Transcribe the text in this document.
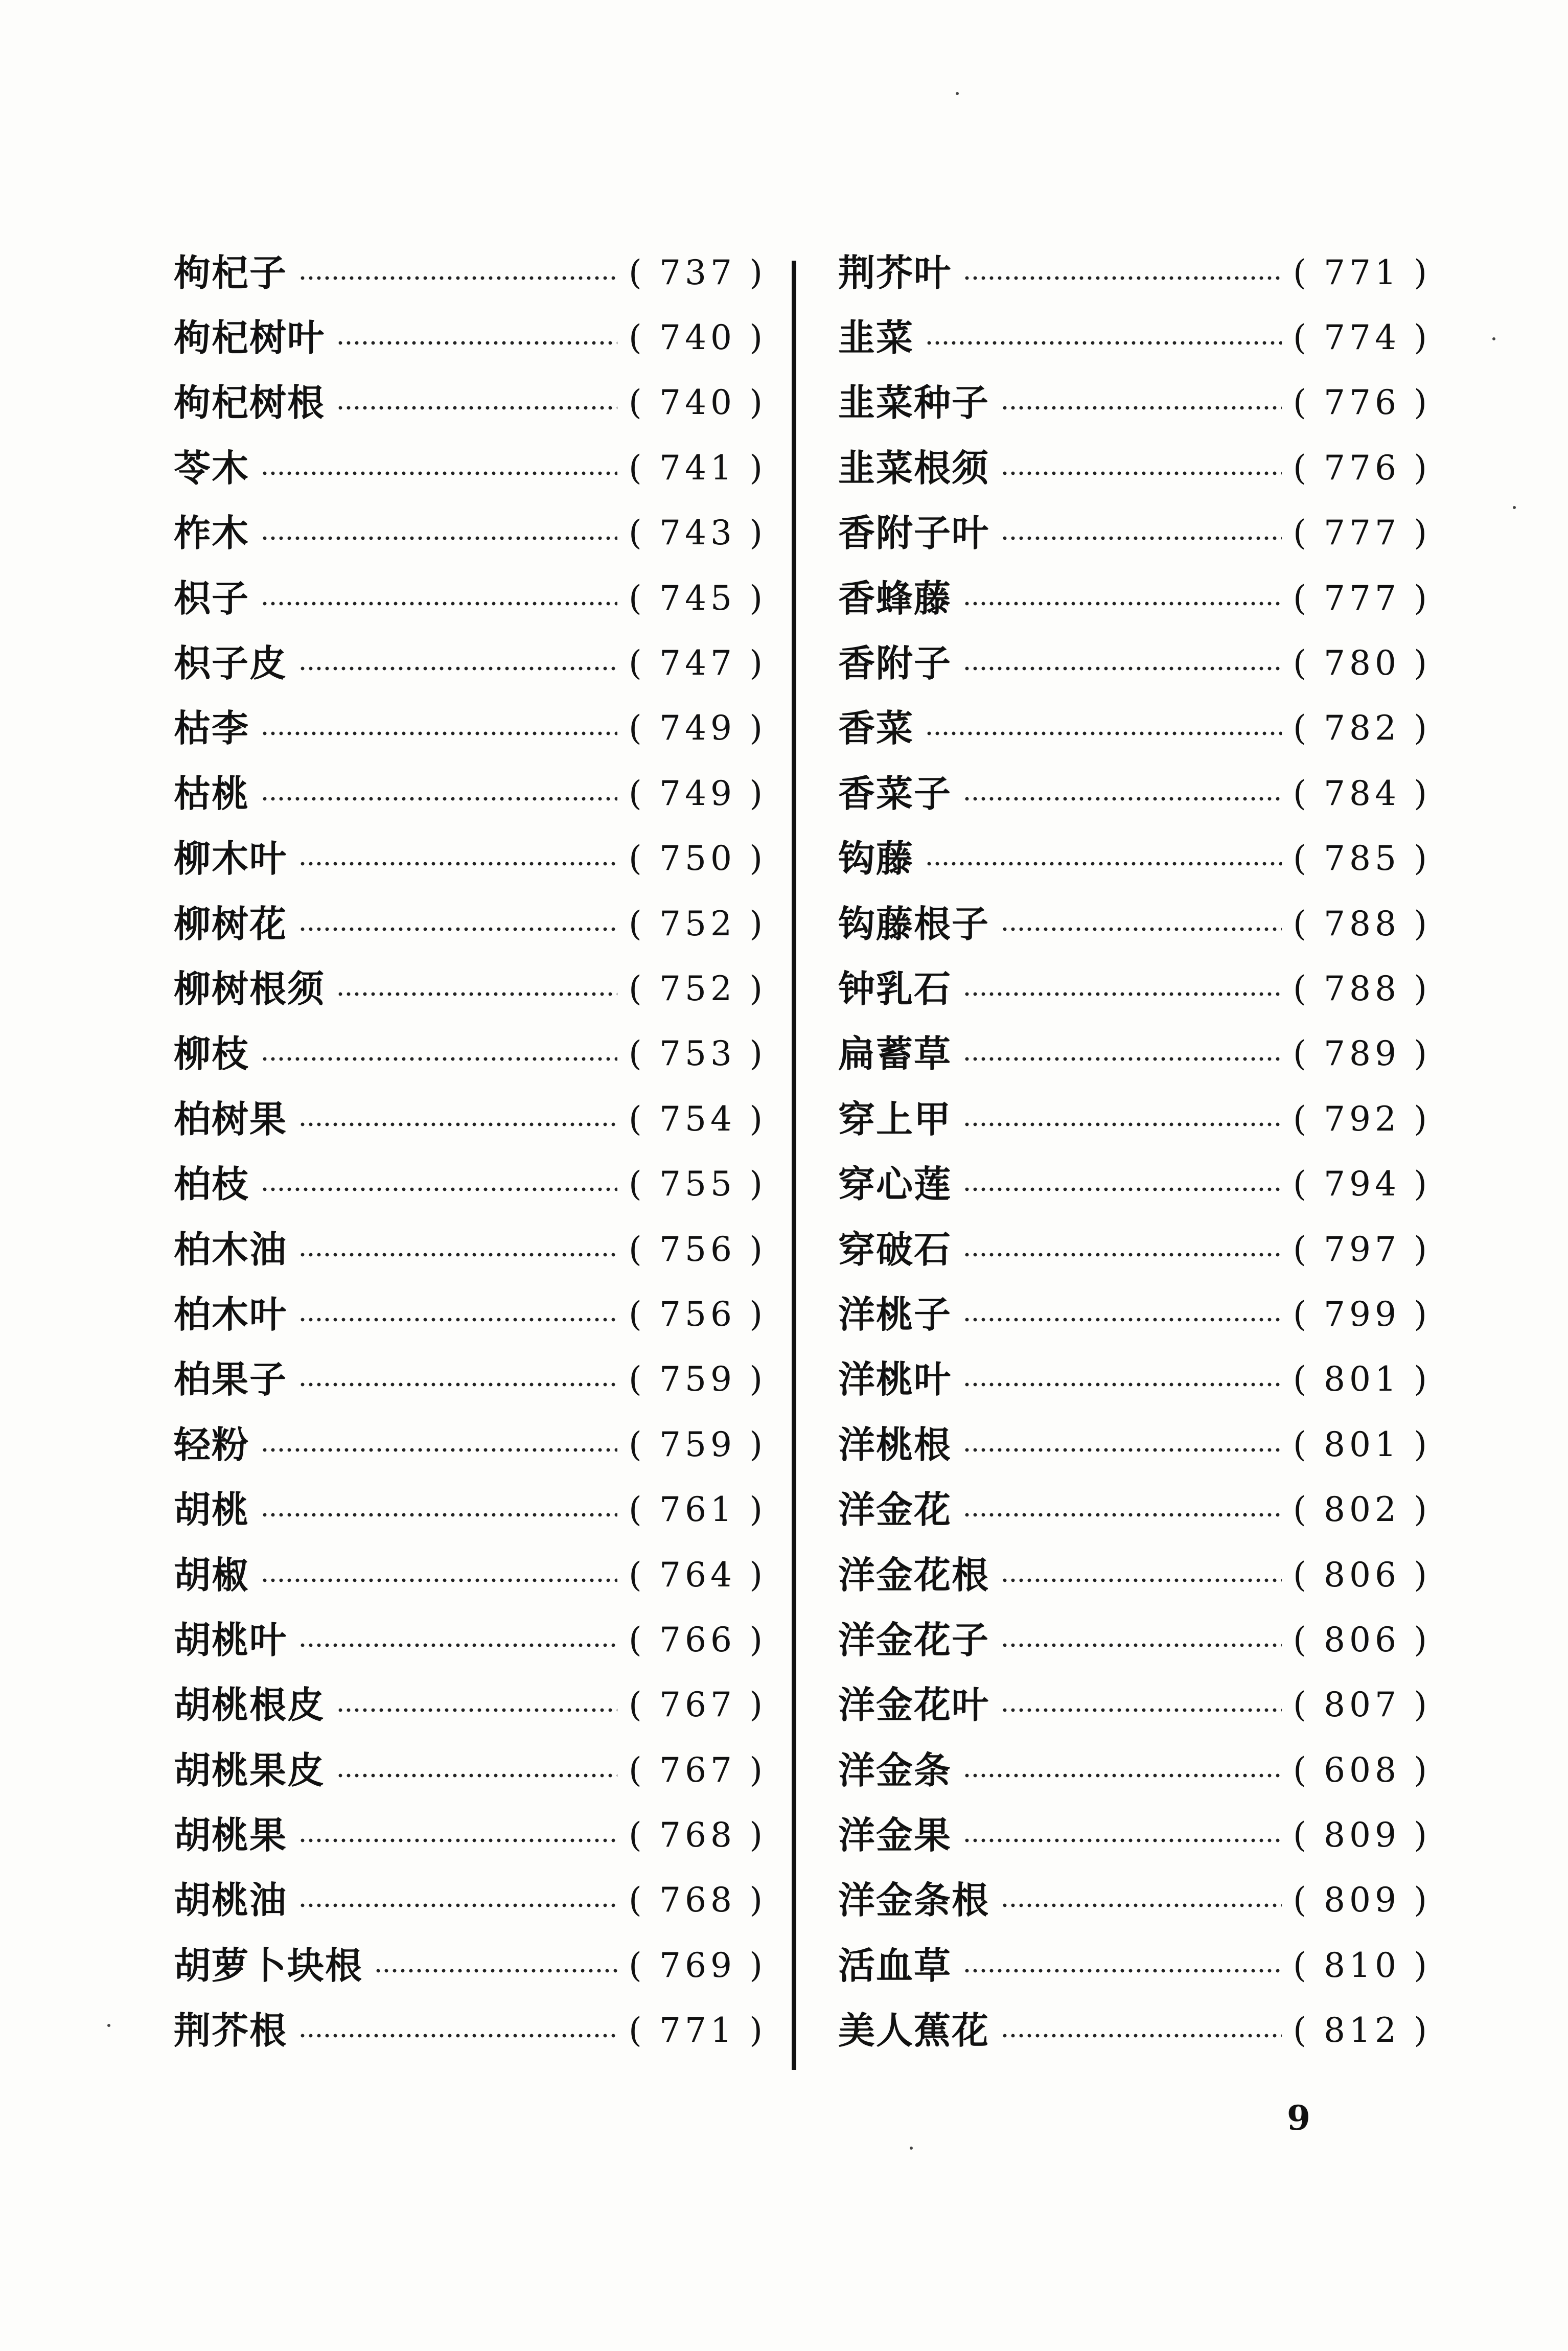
枸杞子	( 737 )
枸杞树叶	( 740 )
枸杞树根	( 740 )
苓木	( 741 )
柞木	( 743 )
枳子	( 745 )
枳子皮	( 747 )
枯李	( 749 )
枯桃	( 749 )
柳木叶	( 750 )
柳树花	( 752 )
柳树根须	( 752 )
柳枝	( 753 )
柏树果	( 754 )
柏枝	( 755 )
柏木油	( 756 )
柏木叶	( 756 )
柏果子	( 759 )
轻粉	( 759 )
胡桃	( 761 )
胡椒	( 764 )
胡桃叶	( 766 )
胡桃根皮	( 767 )
胡桃果皮	( 767 )
胡桃果	( 768 )
胡桃油	( 768 )
胡萝卜块根	( 769 )
荆芥根	( 771 )
荆芥叶	( 771 )
韭菜	( 774 )
韭菜种子	( 776 )
韭菜根须	( 776 )
香附子叶	( 777 )
香蜂藤	( 777 )
香附子	( 780 )
香菜	( 782 )
香菜子	( 784 )
钩藤	( 785 )
钩藤根子	( 788 )
钟乳石	( 788 )
扁蓄草	( 789 )
穿上甲	( 792 )
穿心莲	( 794 )
穿破石	( 797 )
洋桃子	( 799 )
洋桃叶	( 801 )
洋桃根	( 801 )
洋金花	( 802 )
洋金花根	( 806 )
洋金花子	( 806 )
洋金花叶	( 807 )
洋金条	( 608 )
洋金果	( 809 )
洋金条根	( 809 )
活血草	( 810 )
美人蕉花	( 812 )
9
